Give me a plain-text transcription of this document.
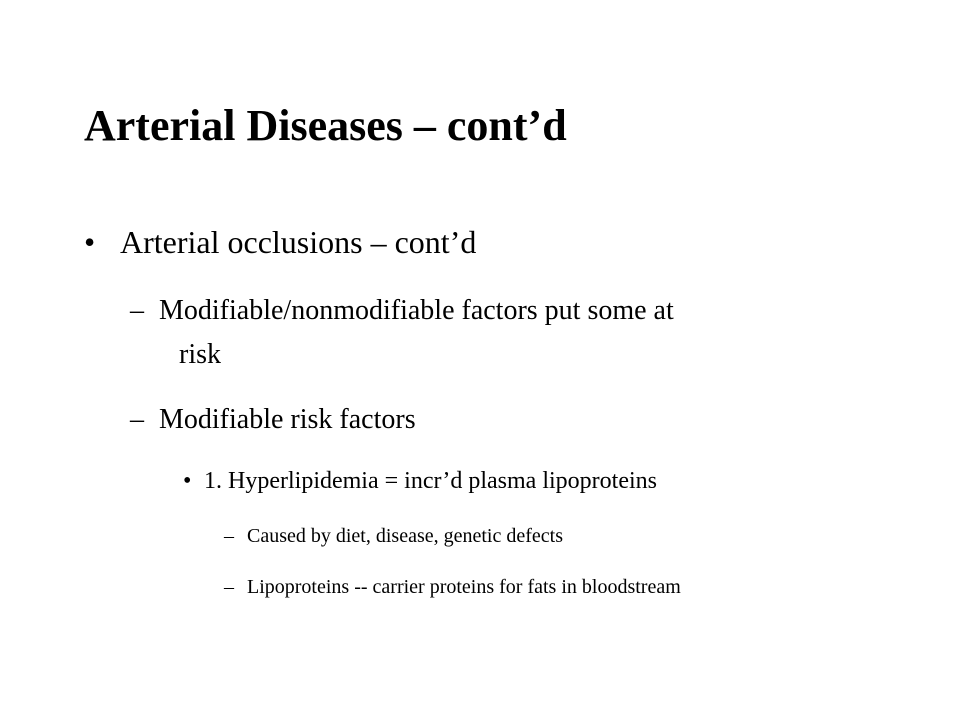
Arterial Diseases – cont’d
• Arterial occlusions – cont’d
– Modifiable/nonmodifiable factors put some at
risk
– Modifiable risk factors
• 1. Hyperlipidemia = incr’d plasma lipoproteins
– Caused by diet, disease, genetic defects
– Lipoproteins -- carrier proteins for fats in bloodstream
